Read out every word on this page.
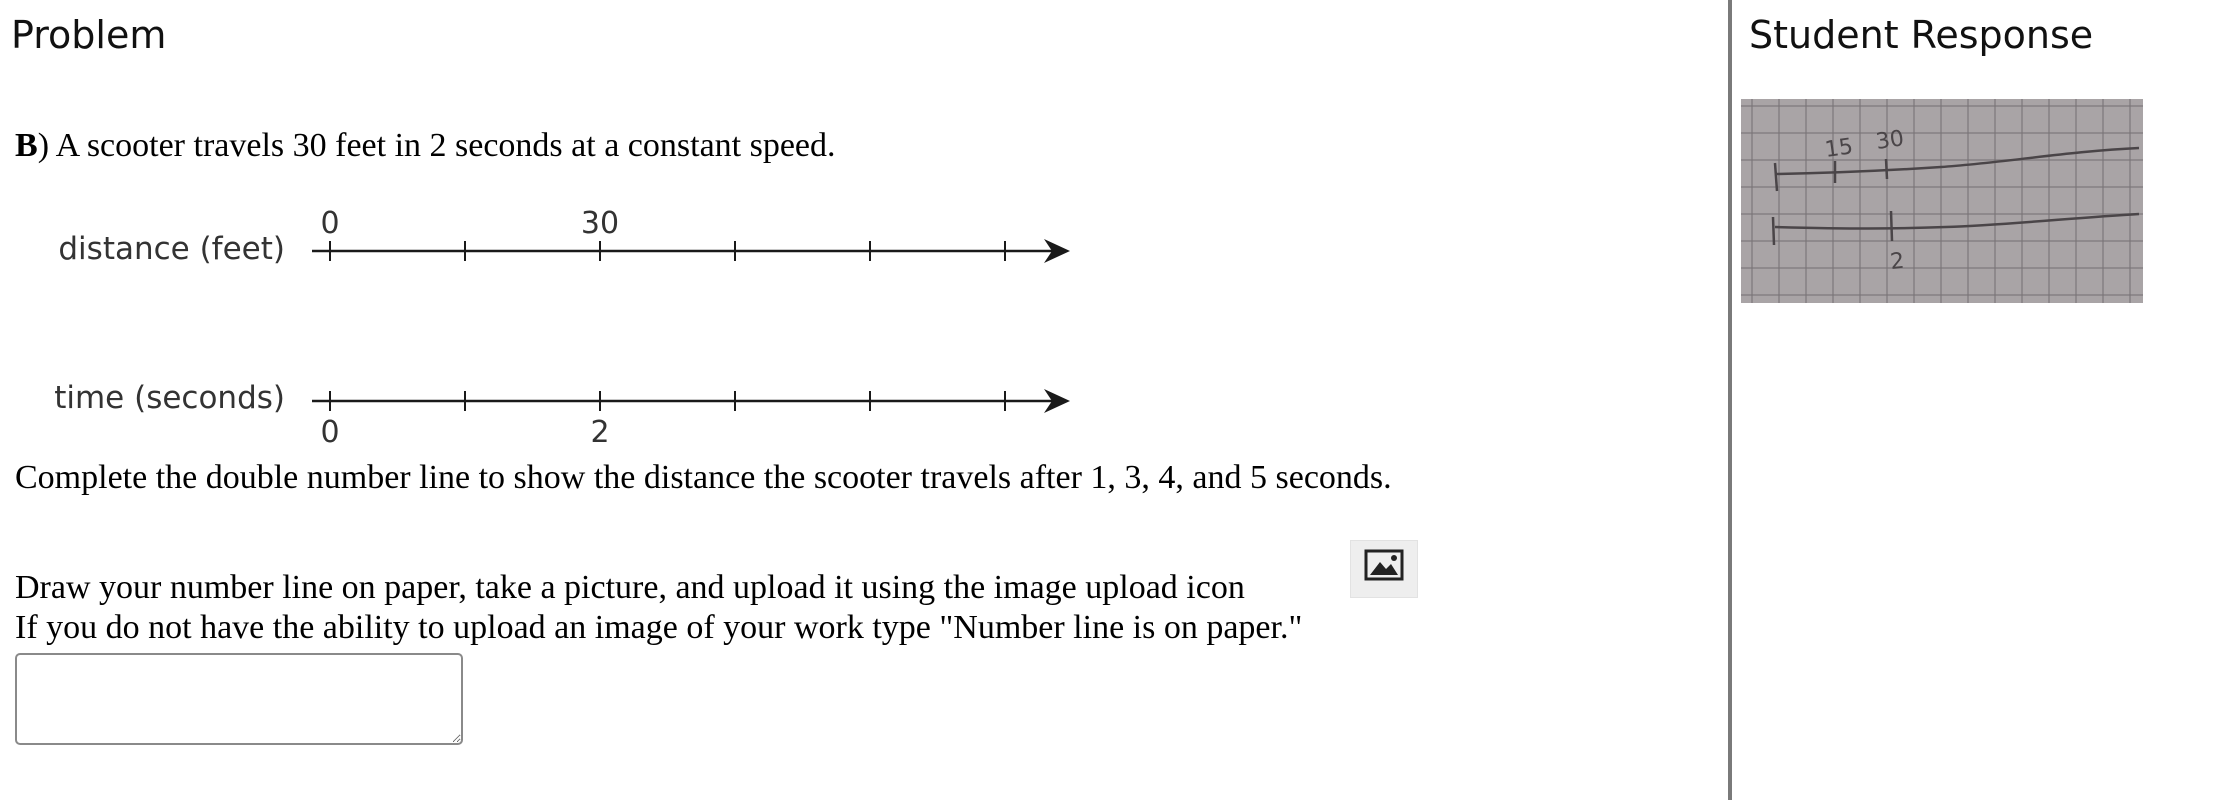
Problem

B) A scooter travels 30 feet in 2 seconds at a constant speed.

distance (feet)
0	30
time (seconds)
0	2

Complete the double number line to show the distance the scooter travels after 1, 3, 4, and 5 seconds.

Draw your number line on paper, take a picture, and upload it using the image upload icon

If you do not have the ability to upload an image of your work type "Number line is on paper."

Student Response
15 30
2
